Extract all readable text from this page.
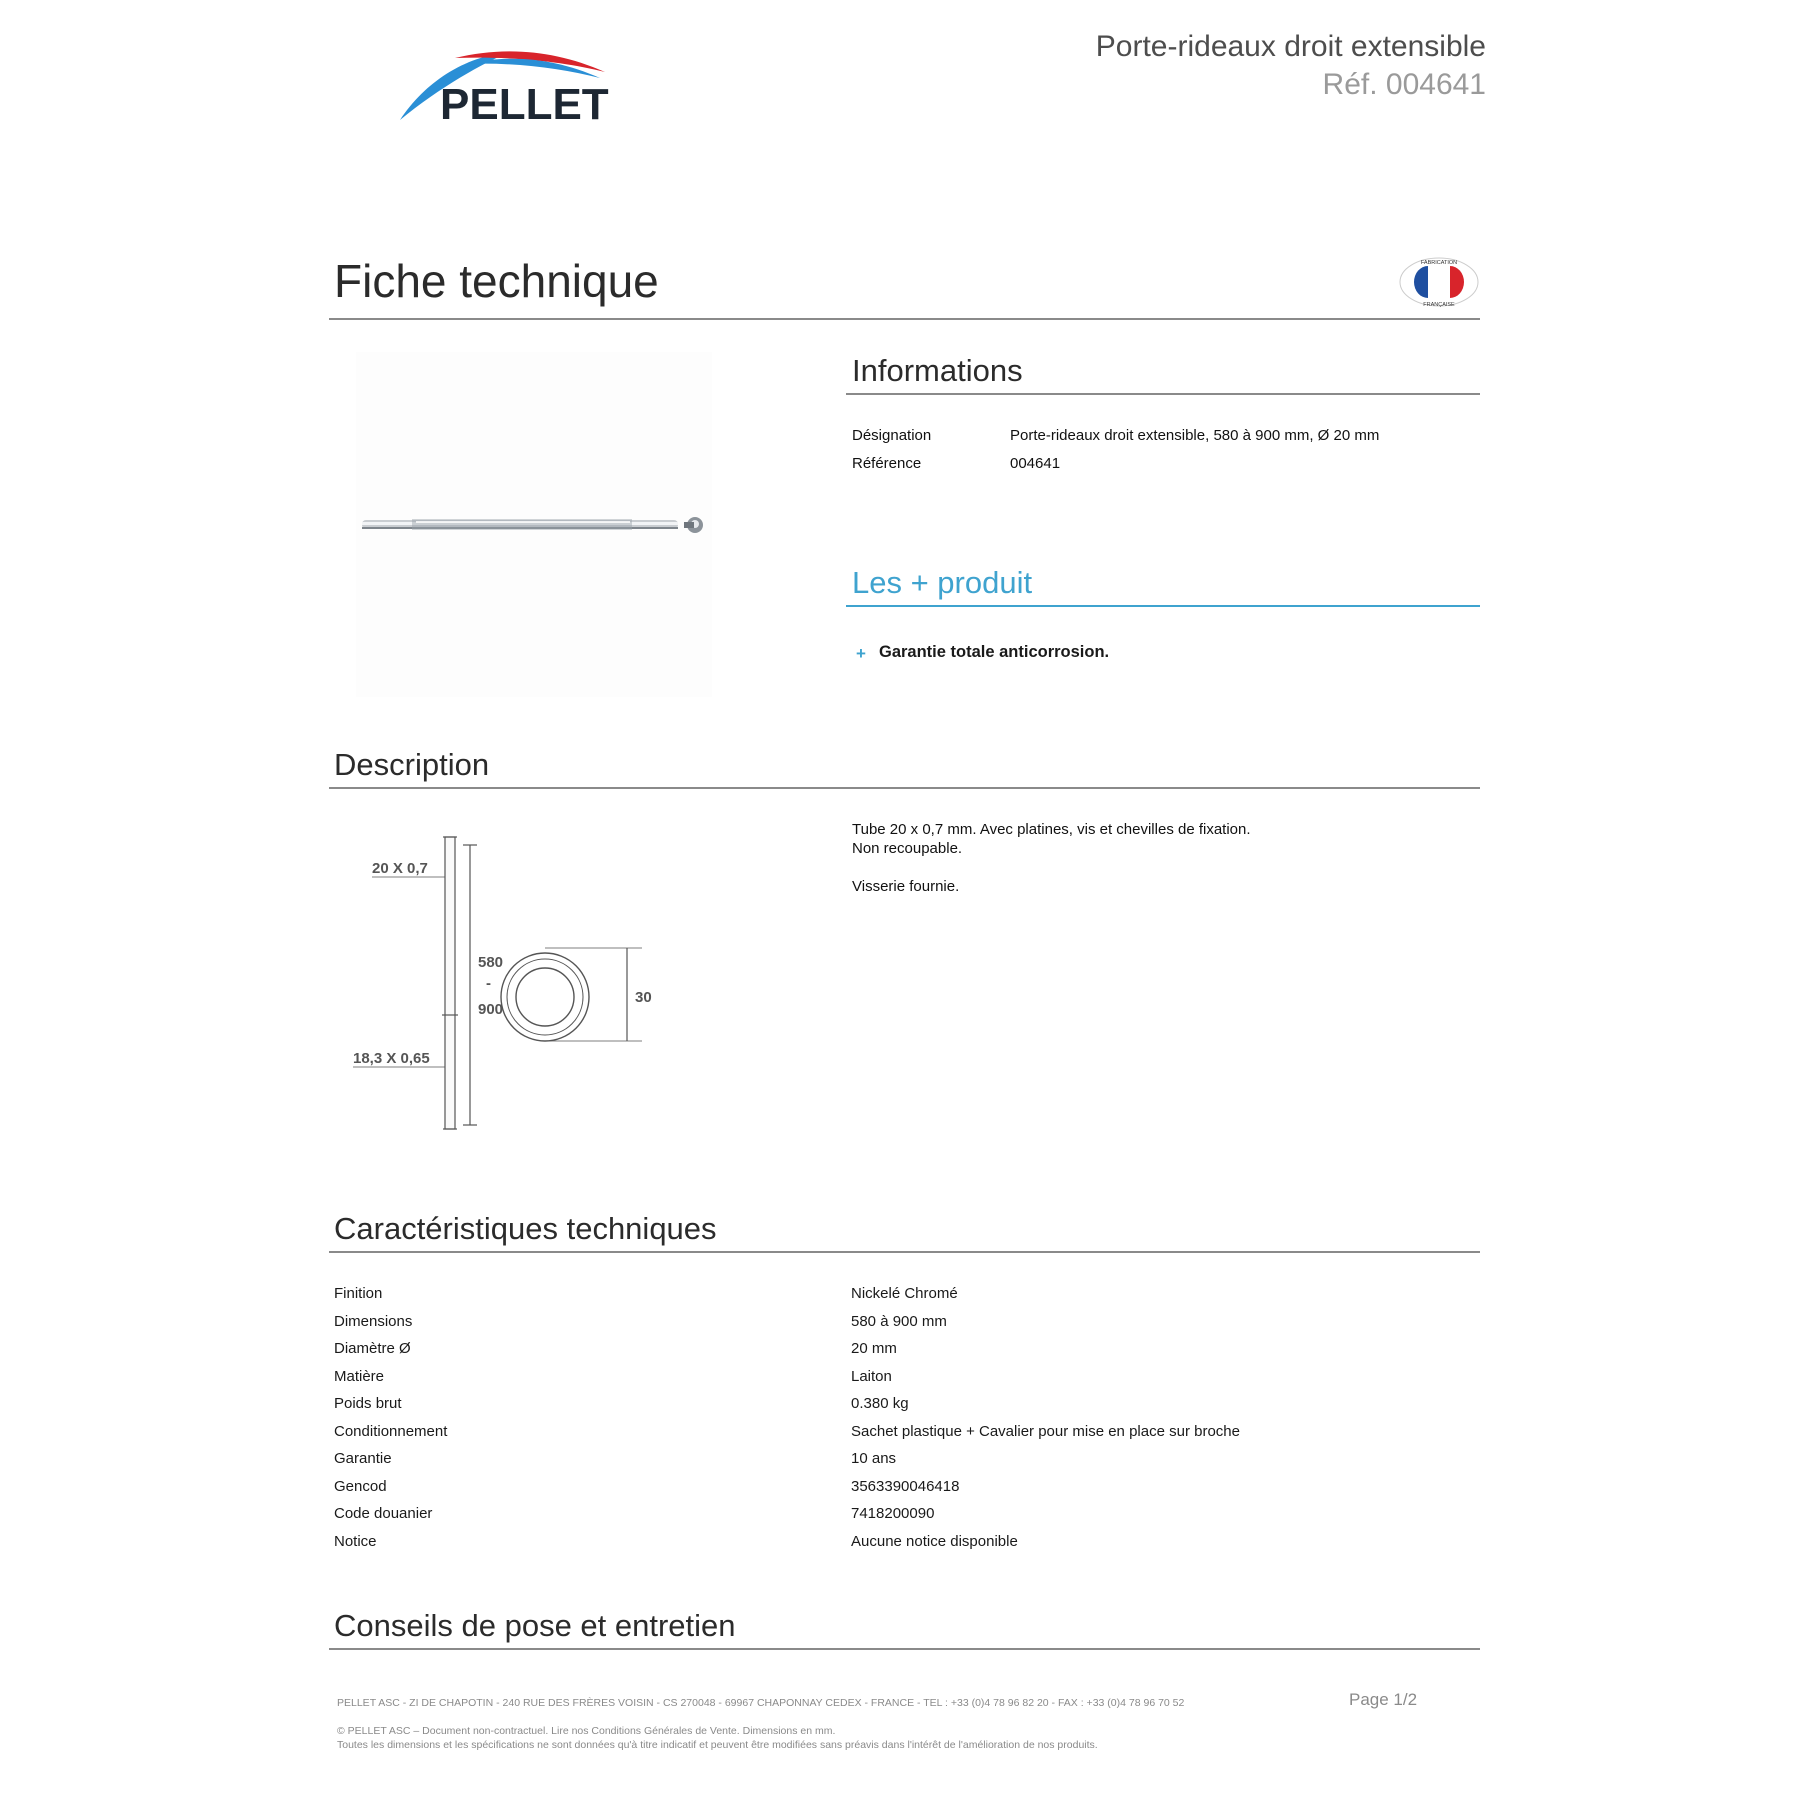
PELLET
Porte-rideaux droit extensible
Réf. 004641
Fiche technique	FABRICATION
FRANÇAISE
Informations
Désignation	Porte-rideaux droit extensible, 580 à 900 mm, Ø 20 mm
Référence	004641
Les + produit
+ Garantie totale anticorrosion.
Description
20 X 0,7
18,3 X 0,65
580
-
900
30
Tube 20 x 0,7 mm. Avec platines, vis et chevilles de fixation.
Non recoupable.
Visserie fournie.
Caractéristiques techniques
Finition	Nickelé Chromé
Dimensions	580 à 900 mm
Diamètre Ø	20 mm
Matière	Laiton
Poids brut	0.380 kg
Conditionnement	Sachet plastique + Cavalier pour mise en place sur broche
Garantie	10 ans
Gencod	3563390046418
Code douanier	7418200090
Notice	Aucune notice disponible
Conseils de pose et entretien
PELLET ASC - ZI DE CHAPOTIN - 240 RUE DES FRÈRES VOISIN - CS 270048 - 69967 CHAPONNAY CEDEX - FRANCE - TEL : +33 (0)4 78 96 82 20 - FAX : +33 (0)4 78 96 70 52	Page 1/2
© PELLET ASC – Document non-contractuel. Lire nos Conditions Générales de Vente. Dimensions en mm.
Toutes les dimensions et les spécifications ne sont données qu'à titre indicatif et peuvent être modifiées sans préavis dans l'intérêt de l'amélioration de nos produits.
